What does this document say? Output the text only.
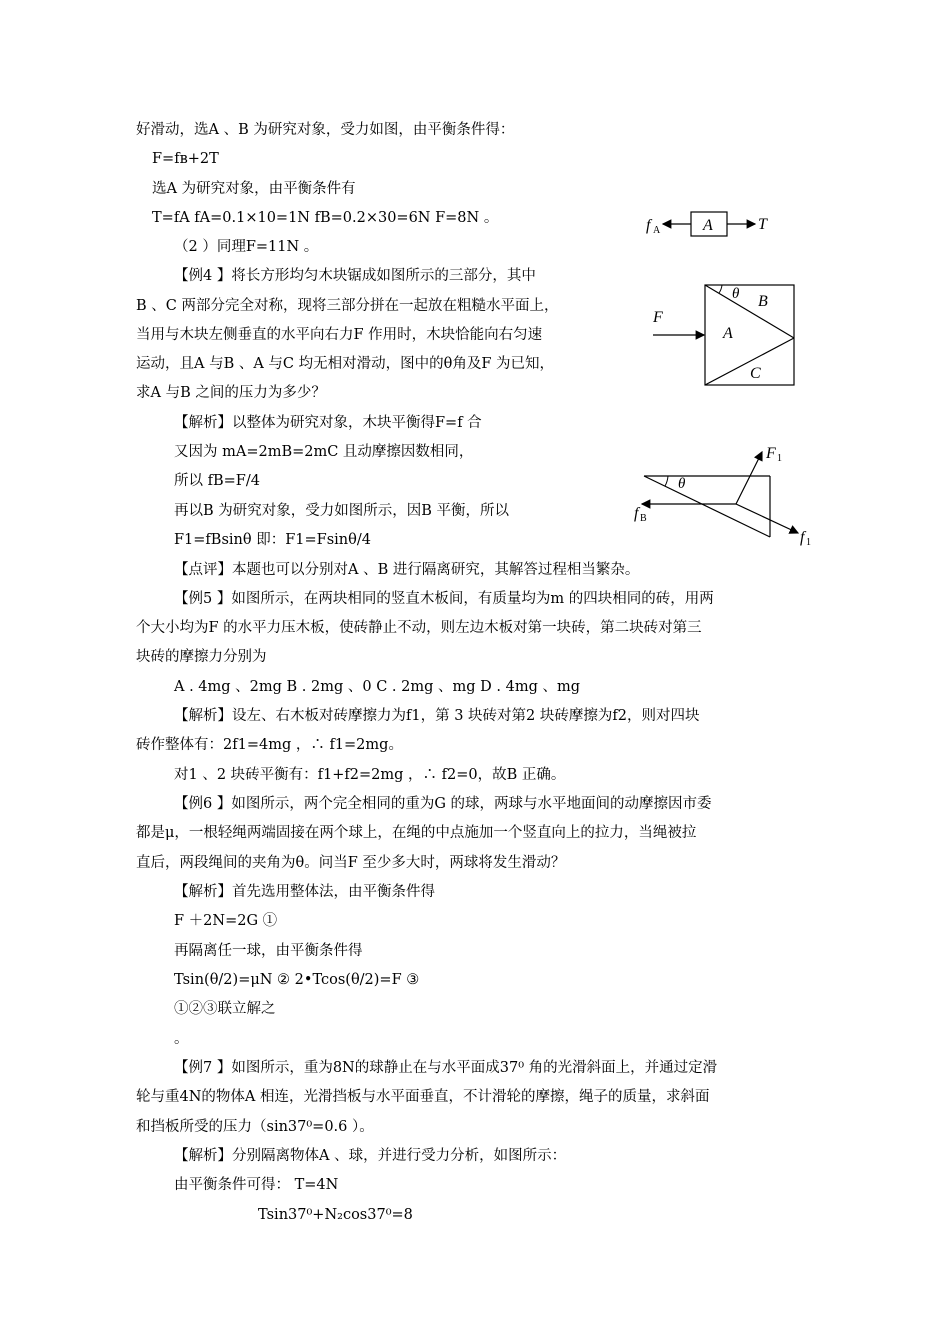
好滑动，选A 、B 为研究对象，受力如图，由平衡条件得：
F=fʙ+2T
选A 为研究对象，由平衡条件有
T=fA fA=0.1×10=1N fB=0.2×30=6N F=8N 。
（2 ）同理F=11N 。
【例4 】将长方形均匀木块锯成如图所示的三部分，其中
B 、C 两部分完全对称，现将三部分拼在一起放在粗糙水平面上，
当用与木块左侧垂直的水平向右力F 作用时，木块恰能向右匀速
运动，且A 与B 、A 与C 均无相对滑动，图中的θ角及F 为已知，
求A 与B 之间的压力为多少？
【解析】以整体为研究对象，木块平衡得F=f 合
又因为 mA=2mB=2mC 且动摩擦因数相同，
所以 fB=F/4
再以B 为研究对象，受力如图所示，因B 平衡，所以
F1=fBsinθ 即：F1=Fsinθ/4
【点评】本题也可以分别对A 、B 进行隔离研究，其解答过程相当繁杂。
【例5 】如图所示，在两块相同的竖直木板间，有质量均为m 的四块相同的砖，用两
个大小均为F 的水平力压木板，使砖静止不动，则左边木板对第一块砖，第二块砖对第三
块砖的摩擦力分别为
A . 4mg 、2mg B . 2mg 、0 C . 2mg 、mg D . 4mg 、mg
【解析】设左、右木板对砖摩擦力为f1，第 3 块砖对第2 块砖摩擦为f2，则对四块
砖作整体有：2f1=4mg ，∴ f1=2mg。
对1 、2 块砖平衡有：f1+f2=2mg ，∴ f2=0，故B 正确。
【例6 】如图所示，两个完全相同的重为G 的球，两球与水平地面间的动摩擦因市委
都是μ，一根轻绳两端固接在两个球上，在绳的中点施加一个竖直向上的拉力，当绳被拉
直后，两段绳间的夹角为θ。问当F 至少多大时，两球将发生滑动？
【解析】首先选用整体法，由平衡条件得
F ＋2N=2G ①
再隔离任一球，由平衡条件得
Tsin(θ/2)=μN ② 2•Tcos(θ/2)=F ③
①②③联立解之
。
【例7 】如图所示，重为8N的球静止在与水平面成37⁰ 角的光滑斜面上，并通过定滑
轮与重4N的物体A 相连，光滑挡板与水平面垂直，不计滑轮的摩擦，绳子的质量，求斜面
和挡板所受的压力（sin37⁰=0.6 ）。
【解析】分别隔离物体A 、球，并进行受力分析，如图所示：
由平衡条件可得： T=4N
Tsin37⁰+N₂cos37⁰=8
f A	A	T
F
θ B
A
C
θ
F 1
f B
f 1
